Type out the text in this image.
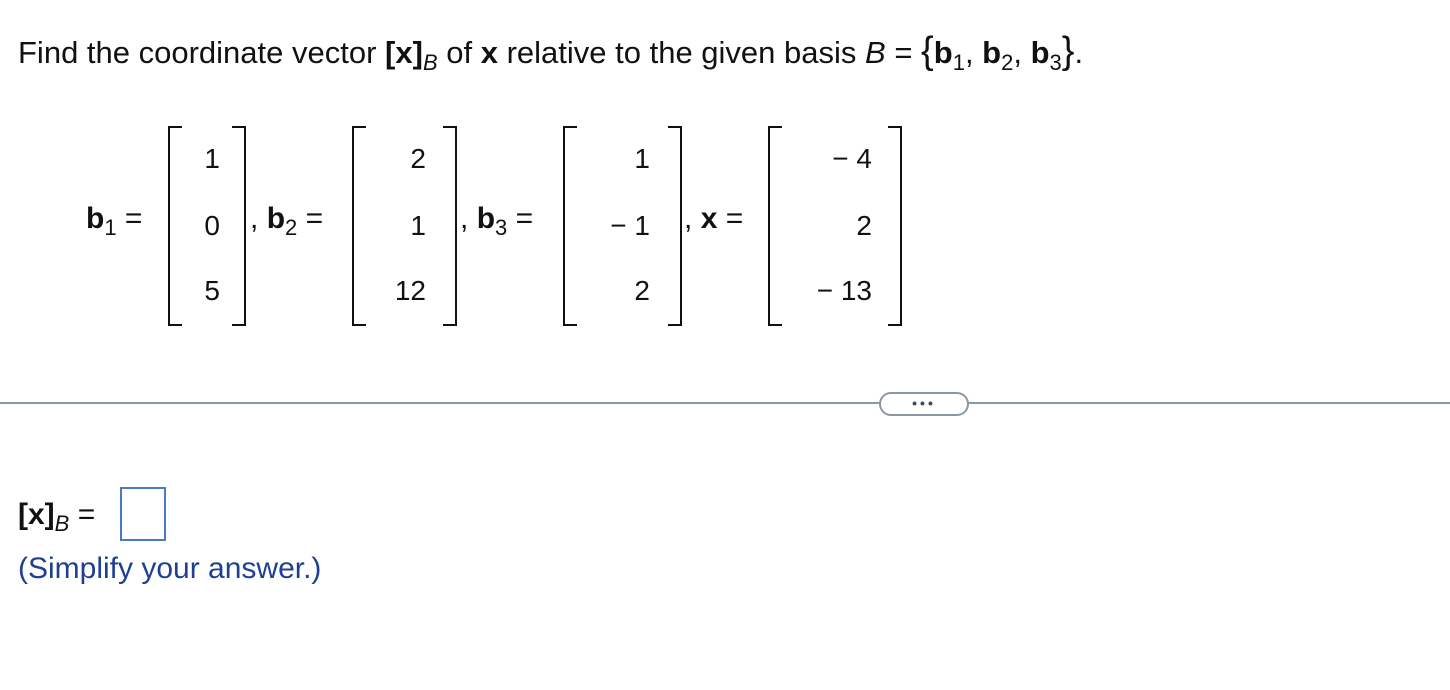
Find the coordinate vector $[x]_B$ of x relative to the given basis $B = \{b_1$, $b_2$, $b_3$}.
$b_1$ =
1
0
5
, $b_2$ =
2
1
12
, $b_3$ =
1
− 1
2
, x =
− 4
2
− 13
•••
$[x]_B$ =
(Simplify your answer.)
